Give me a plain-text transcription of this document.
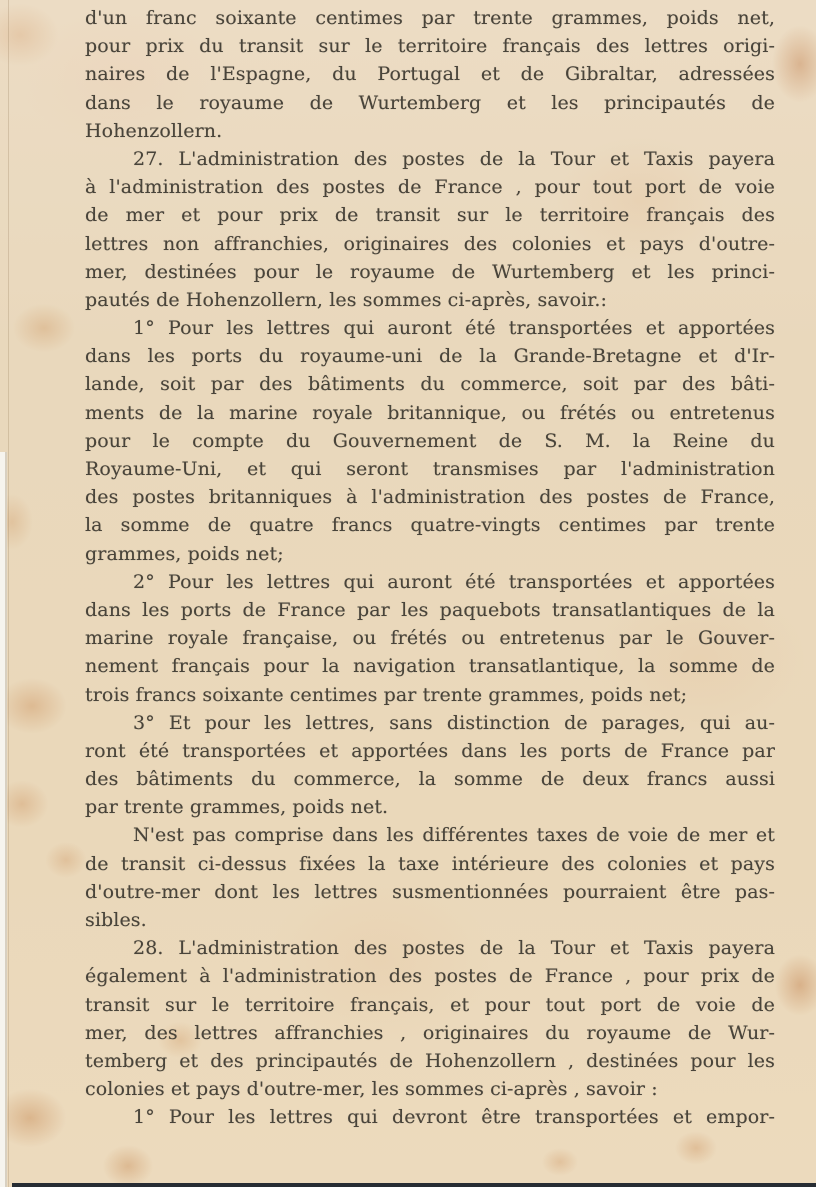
d'un franc soixante centimes par trente grammes, poids net,
pour prix du transit sur le territoire français des lettres origi-
naires de l'Espagne, du Portugal et de Gibraltar, adressées
dans le royaume de Wurtemberg et les principautés de
Hohenzollern.
27. L'administration des postes de la Tour et Taxis payera
à l'administration des postes de France , pour tout port de voie
de mer et pour prix de transit sur le territoire français des
lettres non affranchies, originaires des colonies et pays d'outre-
mer, destinées pour le royaume de Wurtemberg et les princi-
pautés de Hohenzollern, les sommes ci-après, savoir.:
1° Pour les lettres qui auront été transportées et apportées
dans les ports du royaume-uni de la Grande-Bretagne et d'Ir-
lande, soit par des bâtiments du commerce, soit par des bâti-
ments de la marine royale britannique, ou frétés ou entretenus
pour le compte du Gouvernement de S. M. la Reine du
Royaume-Uni, et qui seront transmises par l'administration
des postes britanniques à l'administration des postes de France,
la somme de quatre francs quatre-vingts centimes par trente
grammes, poids net;
2° Pour les lettres qui auront été transportées et apportées
dans les ports de France par les paquebots transatlantiques de la
marine royale française, ou frétés ou entretenus par le Gouver-
nement français pour la navigation transatlantique, la somme de
trois francs soixante centimes par trente grammes, poids net;
3° Et pour les lettres, sans distinction de parages, qui au-
ront été transportées et apportées dans les ports de France par
des bâtiments du commerce, la somme de deux francs aussi
par trente grammes, poids net.
N'est pas comprise dans les différentes taxes de voie de mer et
de transit ci-dessus fixées la taxe intérieure des colonies et pays
d'outre-mer dont les lettres susmentionnées pourraient être pas-
sibles.
28. L'administration des postes de la Tour et Taxis payera
également à l'administration des postes de France , pour prix de
transit sur le territoire français, et pour tout port de voie de
mer, des lettres affranchies , originaires du royaume de Wur-
temberg et des principautés de Hohenzollern , destinées pour les
colonies et pays d'outre-mer, les sommes ci-après , savoir :
1° Pour les lettres qui devront être transportées et empor-
